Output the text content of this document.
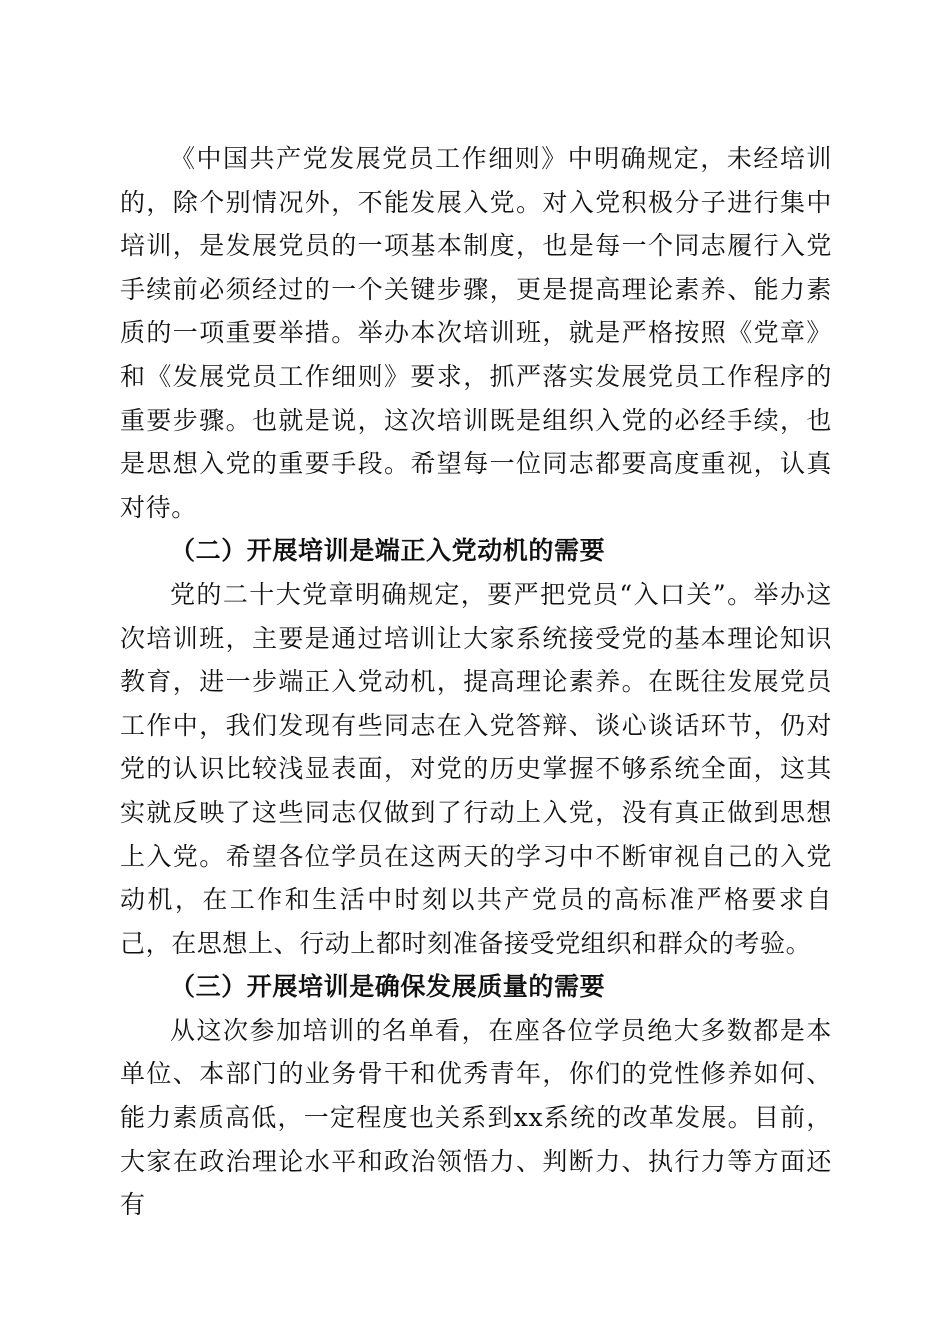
《中国共产党发展党员工作细则》中明确规定，未经培训的，除个别情况外，不能发展入党。对入党积极分子进行集中培训，是发展党员的一项基本制度，也是每一个同志履行入党手续前必须经过的一个关键步骤，更是提高理论素养、能力素质的一项重要举措。举办本次培训班，就是严格按照《党章》和《发展党员工作细则》要求，抓严落实发展党员工作程序的重要步骤。也就是说，这次培训既是组织入党的必经手续，也是思想入党的重要手段。希望每一位同志都要高度重视，认真对待。

（二）开展培训是端正入党动机的需要

党的二十大党章明确规定，要严把党员“入口关”。举办这次培训班，主要是通过培训让大家系统接受党的基本理论知识教育，进一步端正入党动机，提高理论素养。在既往发展党员工作中，我们发现有些同志在入党答辩、谈心谈话环节，仍对党的认识比较浅显表面，对党的历史掌握不够系统全面，这其实就反映了这些同志仅做到了行动上入党，没有真正做到思想上入党。希望各位学员在这两天的学习中不断审视自己的入党动机，在工作和生活中时刻以共产党员的高标准严格要求自己，在思想上、行动上都时刻准备接受党组织和群众的考验。

（三）开展培训是确保发展质量的需要

从这次参加培训的名单看，在座各位学员绝大多数都是本单位、本部门的业务骨干和优秀青年，你们的党性修养如何、能力素质高低，一定程度也关系到xx系统的改革发展。目前，大家在政治理论水平和政治领悟力、判断力、执行力等方面还有
